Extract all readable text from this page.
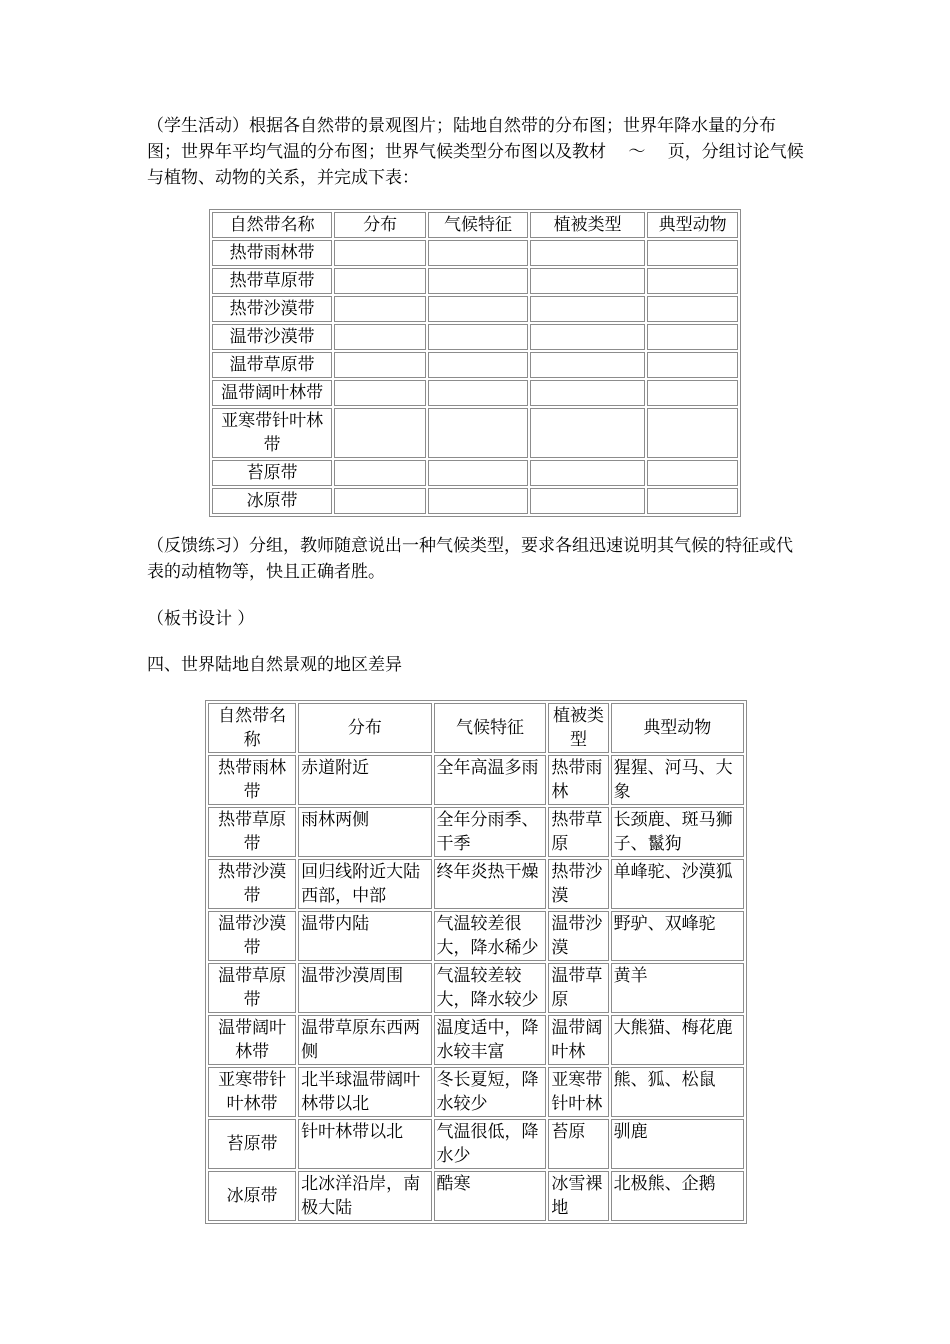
（学生活动）根据各自然带的景观图片；陆地自然带的分布图；世界年降水量的分布图；世界年平均气温的分布图；世界气候类型分布图以及教材　 ～　 页，分组讨论气候与植物、动物的关系，并完成下表：

自然带名称	分布	气候特征	植被类型	典型动物
热带雨林带				
热带草原带				
热带沙漠带				
温带沙漠带				
温带草原带				
温带阔叶林带				
亚寒带针叶林带				
苔原带				
冰原带				

（反馈练习）分组，教师随意说出一种气候类型，要求各组迅速说明其气候的特征或代表的动植物等，快且正确者胜。

（板书设计 ）

四、世界陆地自然景观的地区差异

自然带名称	分布	气候特征	植被类型	典型动物
热带雨林带	赤道附近	全年高温多雨	热带雨林	猩猩、河马、大象
热带草原带	雨林两侧	全年分雨季、干季	热带草原	长颈鹿、斑马狮子、鬣狗
热带沙漠带	回归线附近大陆西部，中部	终年炎热干燥	热带沙漠	单峰驼、沙漠狐
温带沙漠带	温带内陆	气温较差很大，降水稀少	温带沙漠	野驴、双峰驼
温带草原带	温带沙漠周围	气温较差较大，降水较少	温带草原	黄羊
温带阔叶林带	温带草原东西两侧	温度适中，降水较丰富	温带阔叶林	大熊猫、梅花鹿
亚寒带针叶林带	北半球温带阔叶林带以北	冬长夏短，降水较少	亚寒带针叶林	熊、狐、松鼠
苔原带	针叶林带以北	气温很低，降水少	苔原	驯鹿
冰原带	北冰洋沿岸，南极大陆	酷寒	冰雪裸地	北极熊、企鹅
